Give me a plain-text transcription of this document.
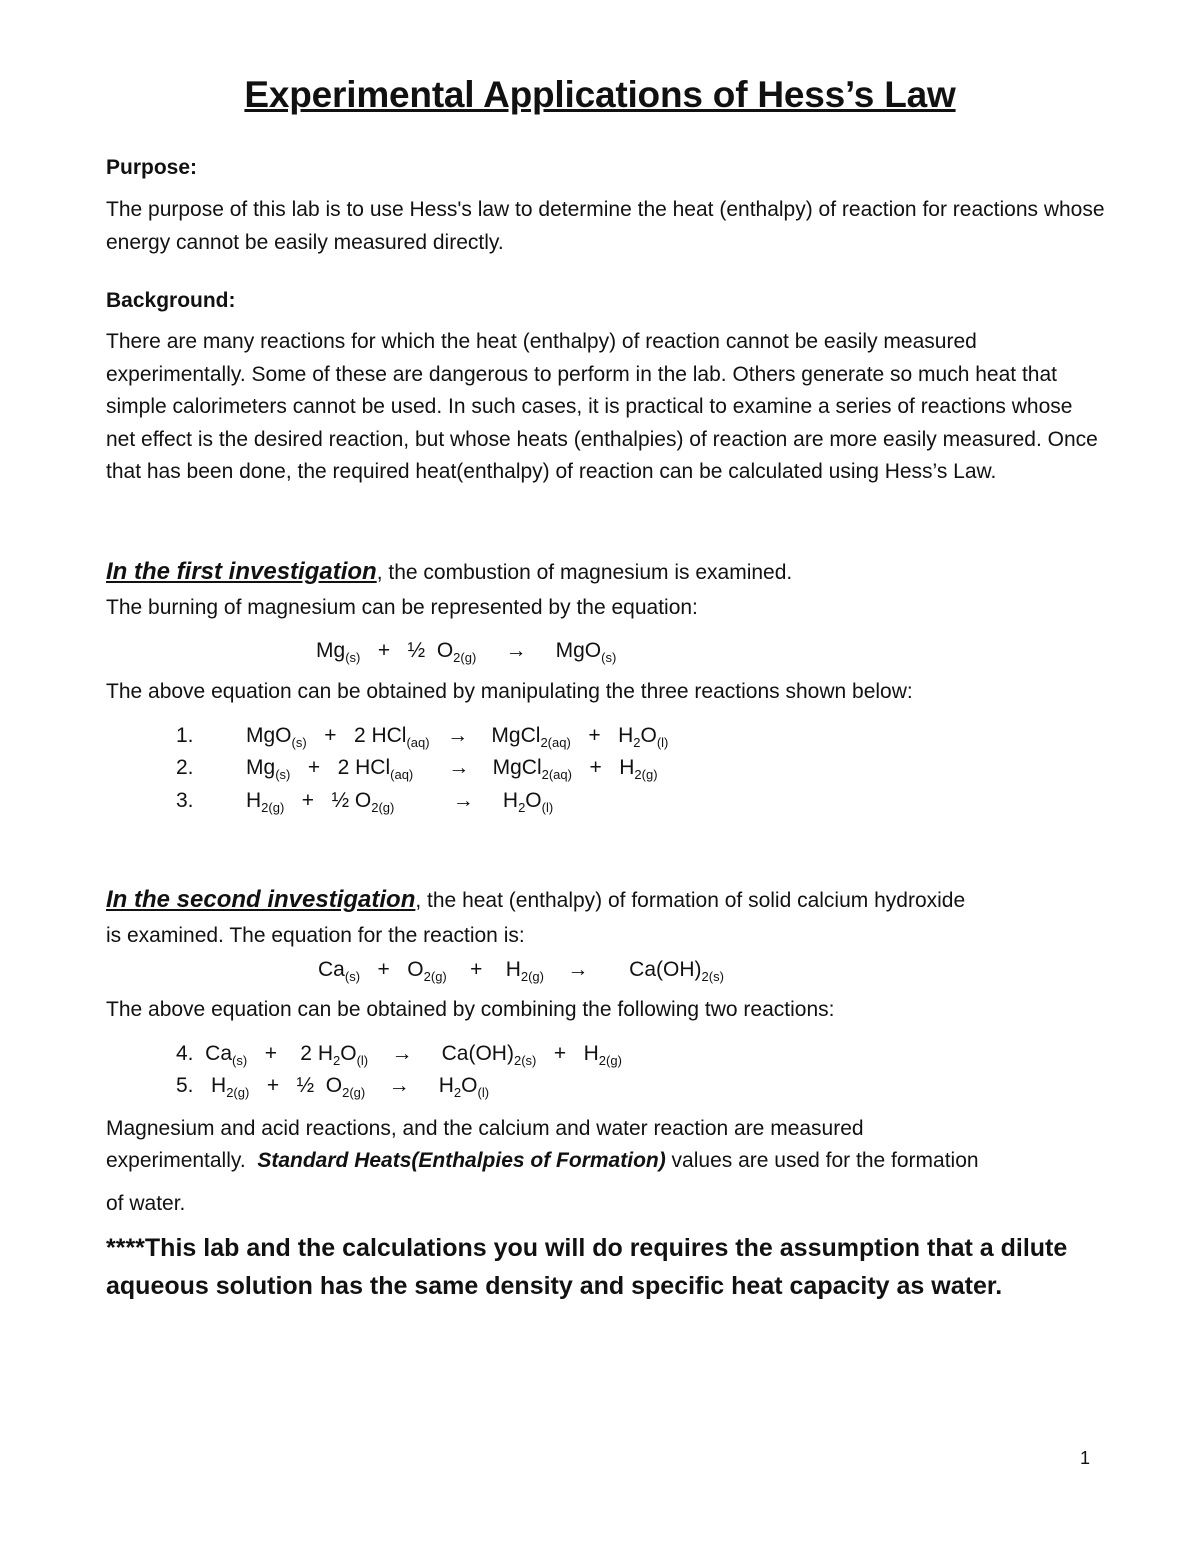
Experimental Applications of Hess’s Law
Purpose:
The purpose of this lab is to use Hess's law to determine the heat (enthalpy) of reaction for reactions whose energy cannot be easily measured directly.
Background:
There are many reactions for which the heat (enthalpy) of reaction cannot be easily measured experimentally. Some of these are dangerous to perform in the lab. Others generate so much heat that simple calorimeters cannot be used. In such cases, it is practical to examine a series of reactions whose net effect is the desired reaction, but whose heats (enthalpies) of reaction are more easily measured. Once that has been done, the required heat(enthalpy) of reaction can be calculated using Hess’s Law.
In the first investigation, the combustion of magnesium is examined.
The burning of magnesium can be represented by the equation:
$Mg_{(s)}$   +   ½  $O_{2(g)}$     →     MgO$_{(s)}$
The above equation can be obtained by manipulating the three reactions shown below:
1. MgO$_{(s)}$   +   2 HCl$_{(aq)}$   →    MgCl$_{2(aq)}$   +   $H_2O_{(l)}$
2. $Mg_{(s)} + 2$ HCl$_{(aq)}$      →    MgCl$_{2(aq)}$   +   $H_{2(g)}$
3. $H_{2(g)}$   +   ½ $O_{2(g)}$          →     $H_2O_{(l)}$
In the second investigation, the heat (enthalpy) of formation of solid calcium hydroxide
is examined. The equation for the reaction is:
$Ca_{(s)} + O_{2(g)}$    +    $H_{2(g)}$    →       $Ca(OH)_{2(s)}$
The above equation can be obtained by combining the following two reactions:
4.  $Ca_{(s)}$   +    2 $H_2O_{(l)}$    →     $Ca(OH)_{2(s)} + H_{2(g)}$
5.   $H_{2(g)}$   +   ½  $O_{2(g)}$    →     $H_2O_{(l)}$
Magnesium and acid reactions, and the calcium and water reaction are measured
experimentally.  Standard Heats(Enthalpies of Formation) values are used for the formation
of water.
****This lab and the calculations you will do requires the assumption that a dilute aqueous solution has the same density and specific heat capacity as water.
1
